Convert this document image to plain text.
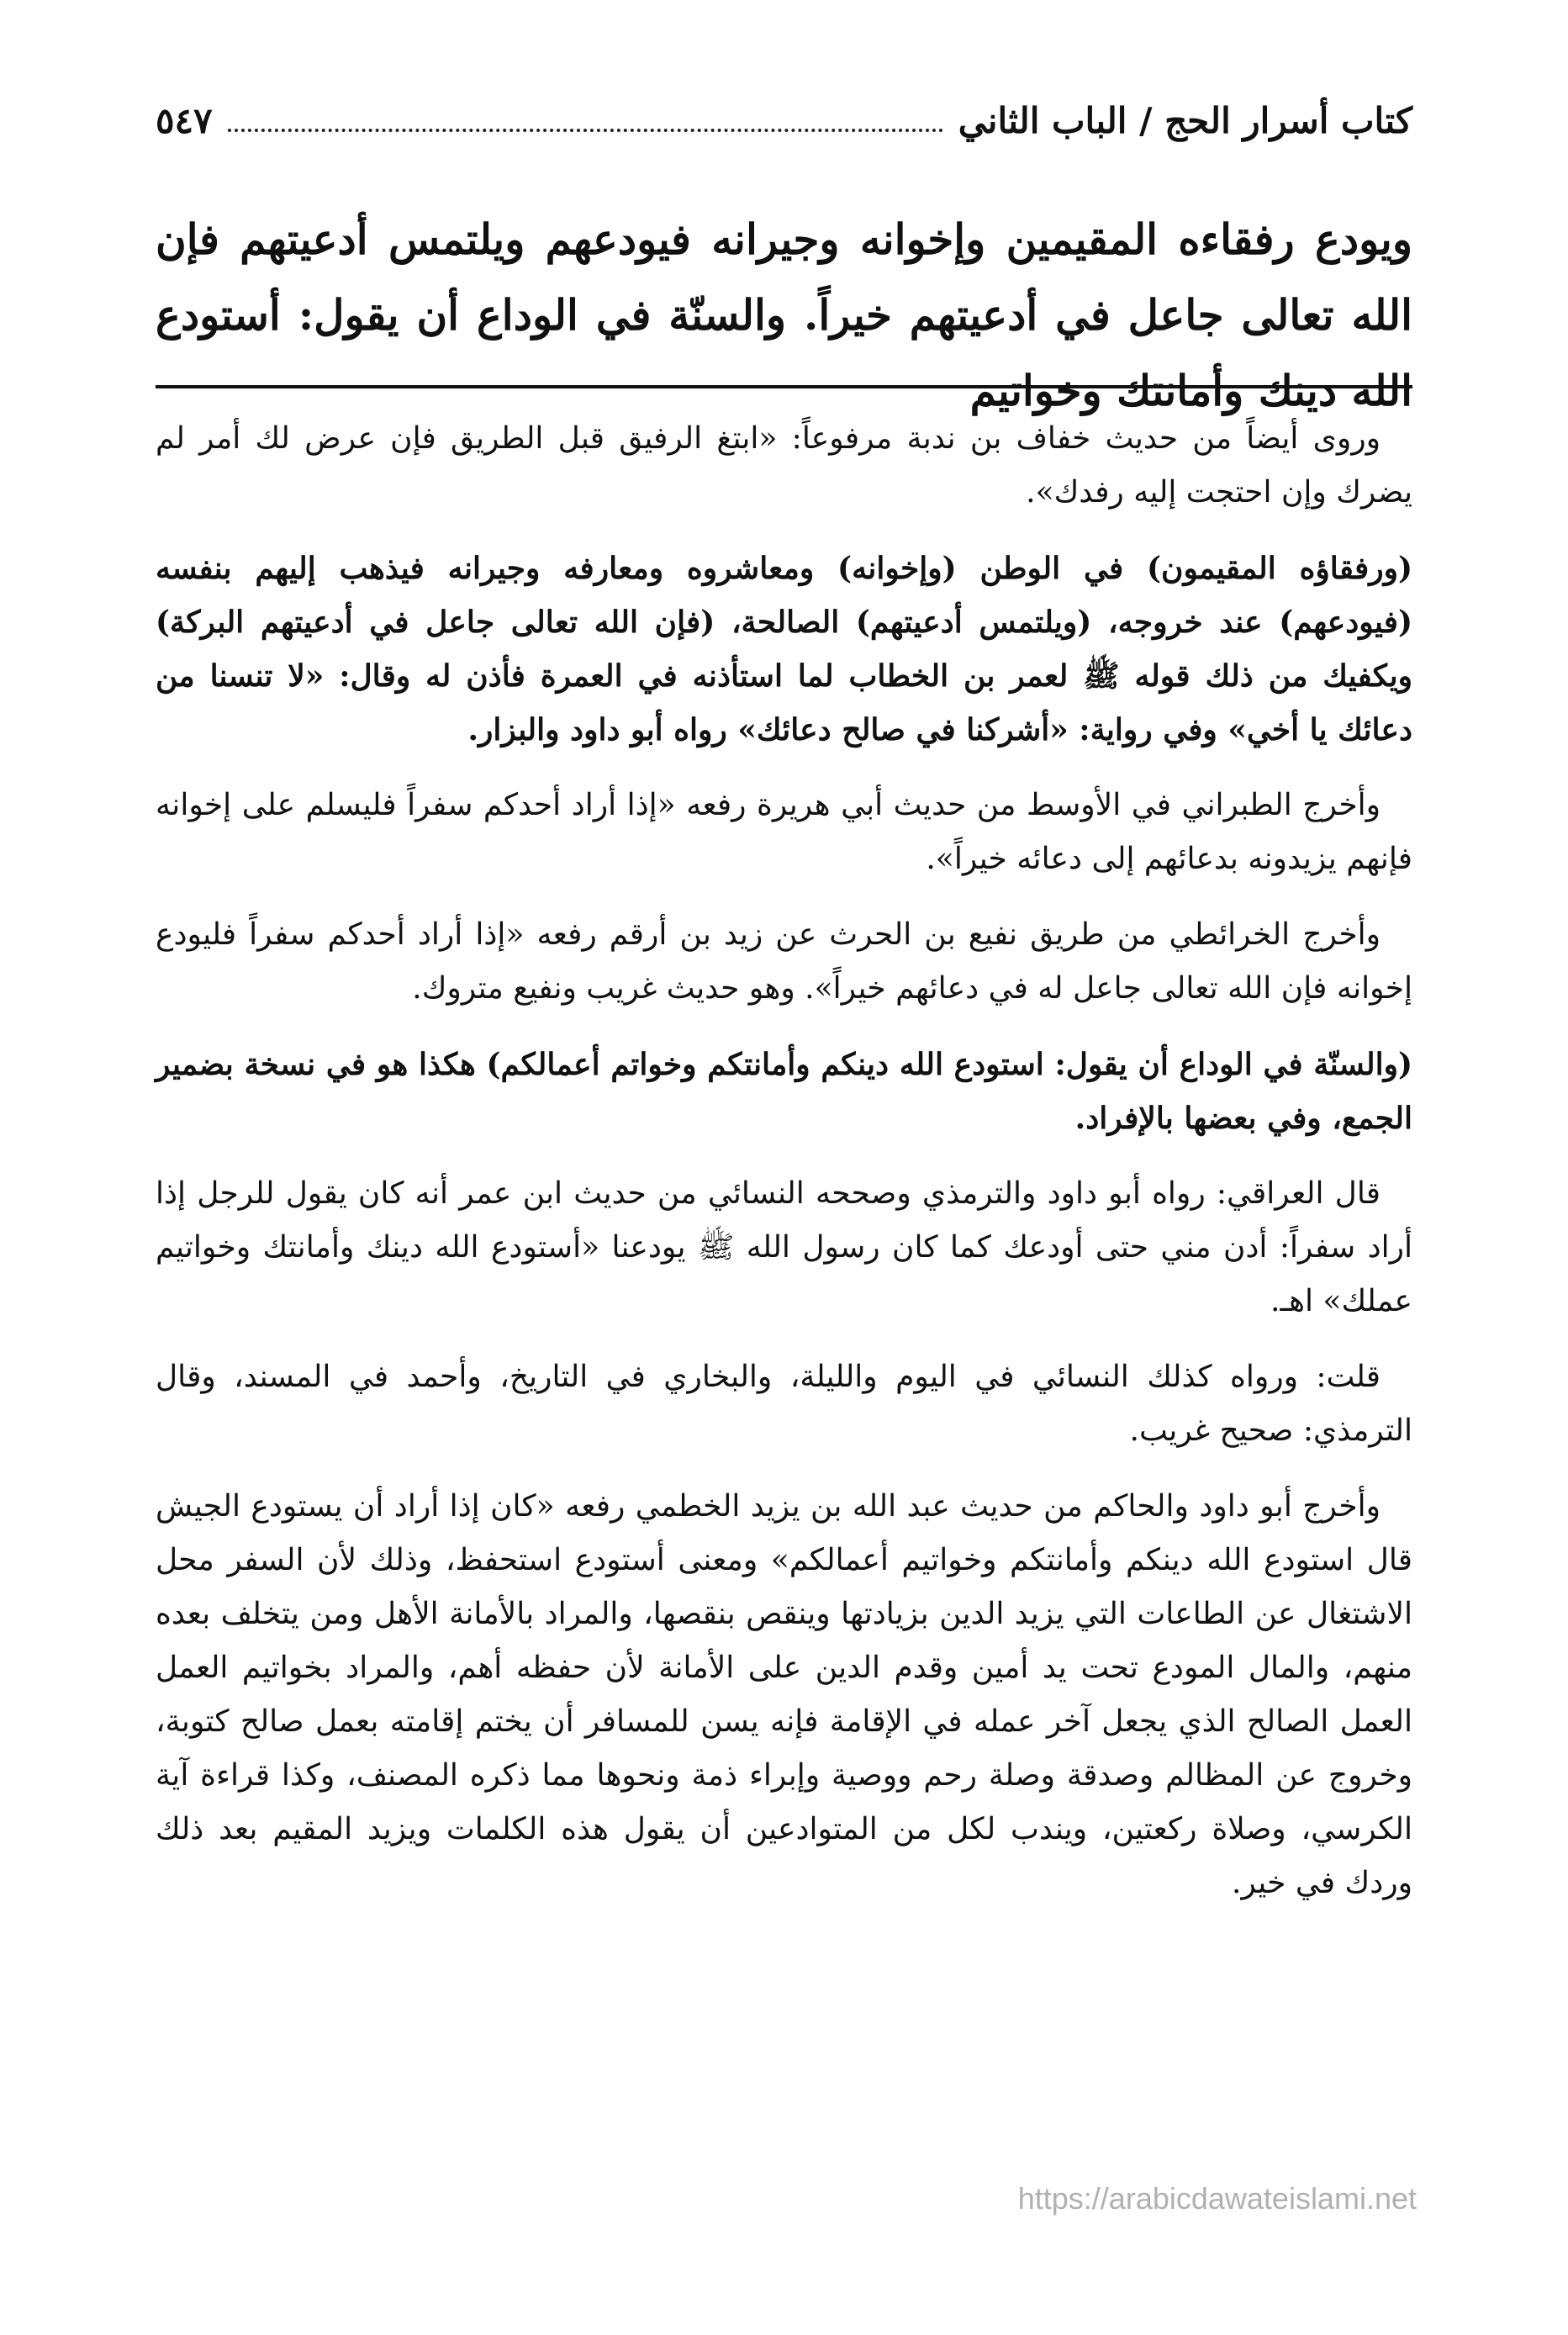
كتاب أسرار الحج / الباب الثاني
٥٤٧
ويودع رفقاءه المقيمين وإخوانه وجيرانه فيودعهم ويلتمس أدعيتهم فإن الله تعالى جاعل في أدعيتهم خيراً. والسنّة في الوداع أن يقول: أستودع الله دينك وأمانتك وخواتيم

وروى أيضاً من حديث خفاف بن ندبة مرفوعاً: «ابتغ الرفيق قبل الطريق فإن عرض لك أمر لم يضرك وإن احتجت إليه رفدك».

(ورفقاؤه المقيمون) في الوطن (وإخوانه) ومعاشروه ومعارفه وجيرانه فيذهب إليهم بنفسه (فيودعهم) عند خروجه، (ويلتمس أدعيتهم) الصالحة، (فإن الله تعالى جاعل في أدعيتهم البركة) ويكفيك من ذلك قوله ﷺ لعمر بن الخطاب لما استأذنه في العمرة فأذن له وقال: «لا تنسنا من دعائك يا أخي» وفي رواية: «أشركنا في صالح دعائك» رواه أبو داود والبزار.

وأخرج الطبراني في الأوسط من حديث أبي هريرة رفعه «إذا أراد أحدكم سفراً فليسلم على إخوانه فإنهم يزيدونه بدعائهم إلى دعائه خيراً».

وأخرج الخرائطي من طريق نفيع بن الحرث عن زيد بن أرقم رفعه «إذا أراد أحدكم سفراً فليودع إخوانه فإن الله تعالى جاعل له في دعائهم خيراً». وهو حديث غريب ونفيع متروك.

(والسنّة في الوداع أن يقول: استودع الله دينكم وأمانتكم وخواتم أعمالكم) هكذا هو في نسخة بضمير الجمع، وفي بعضها بالإفراد.

قال العراقي: رواه أبو داود والترمذي وصححه النسائي من حديث ابن عمر أنه كان يقول للرجل إذا أراد سفراً: أدن مني حتى أودعك كما كان رسول الله ﷺ يودعنا «أستودع الله دينك وأمانتك وخواتيم عملك» اهـ.

قلت: ورواه كذلك النسائي في اليوم والليلة، والبخاري في التاريخ، وأحمد في المسند، وقال الترمذي: صحيح غريب.

وأخرج أبو داود والحاكم من حديث عبد الله بن يزيد الخطمي رفعه «كان إذا أراد أن يستودع الجيش قال استودع الله دينكم وأمانتكم وخواتيم أعمالكم» ومعنى أستودع استحفظ، وذلك لأن السفر محل الاشتغال عن الطاعات التي يزيد الدين بزيادتها وينقص بنقصها، والمراد بالأمانة الأهل ومن يتخلف بعده منهم، والمال المودع تحت يد أمين وقدم الدين على الأمانة لأن حفظه أهم، والمراد بخواتيم العمل العمل الصالح الذي يجعل آخر عمله في الإقامة فإنه يسن للمسافر أن يختم إقامته بعمل صالح كتوبة، وخروج عن المظالم وصدقة وصلة رحم ووصية وإبراء ذمة ونحوها مما ذكره المصنف، وكذا قراءة آية الكرسي، وصلاة ركعتين، ويندب لكل من المتوادعين أن يقول هذه الكلمات ويزيد المقيم بعد ذلك وردك في خير.

https://arabicdawateislami.net
